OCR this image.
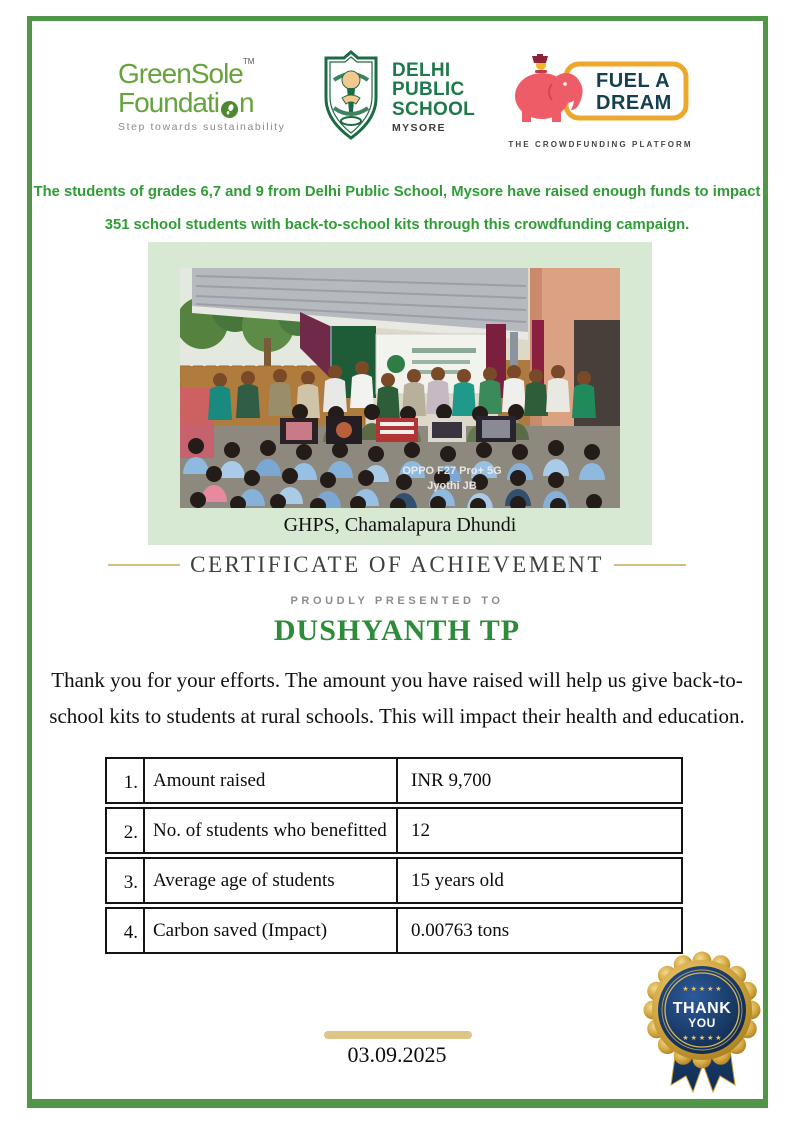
GreenSole™
Foundati n
Step towards sustainability
DELHI
PUBLIC
SCHOOL
MYSORE
FUEL A
DREAM
THE CROWDFUNDING PLATFORM
The students of grades 6,7 and 9 from Delhi Public School, Mysore have raised enough funds to impact
351 school students with back-to-school kits through this crowdfunding campaign.
OPPO F27 Pro+ 5G
Jyothi JB
GHPS, Chamalapura Dhundi
CERTIFICATE OF ACHIEVEMENT
PROUDLY PRESENTED TO
DUSHYANTH TP
Thank you for your efforts. The amount you have raised will help us give back-to-
school kits to students at rural schools. This will impact their health and education.
1. Amount raised	INR 9,700
2. No. of students who benefitted	12
3. Average age of students	15 years old
4. Carbon saved (Impact)	0.00763 tons
03.09.2025
★ ★ ★ ★ ★
THANK
YOU
★ ★ ★ ★ ★
